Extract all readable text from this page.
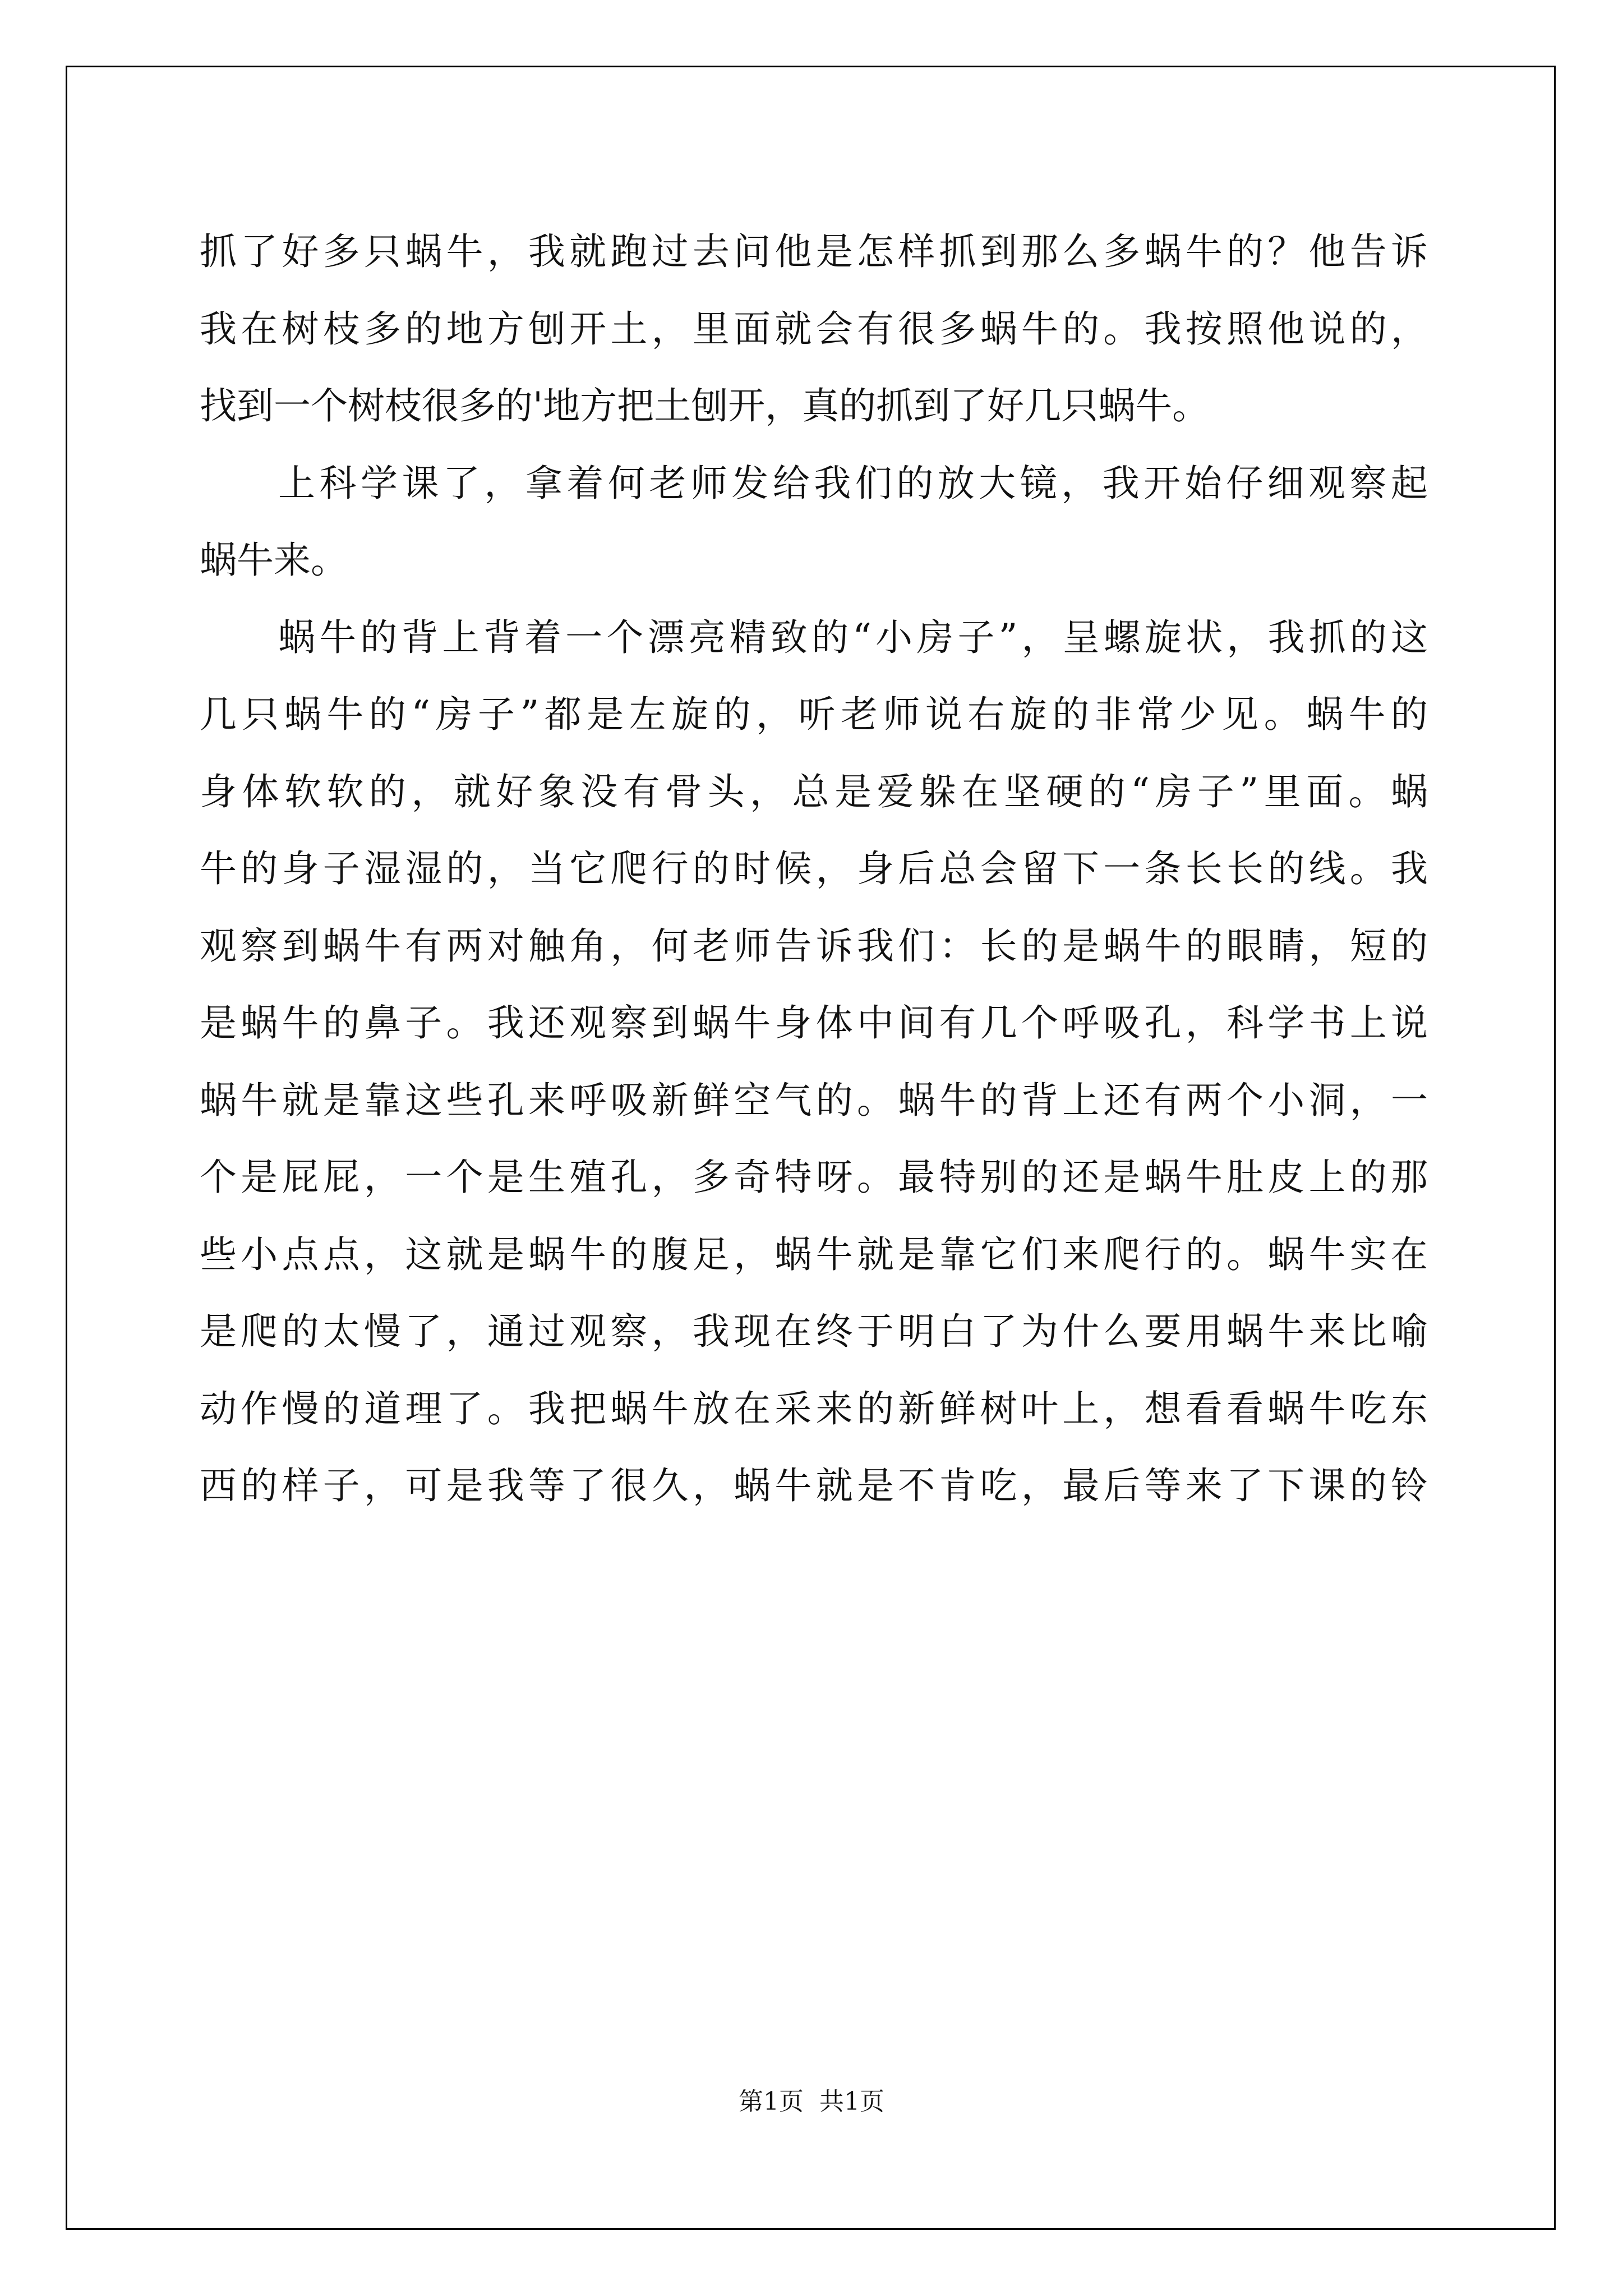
抓了好多只蜗牛，我就跑过去问他是怎样抓到那么多蜗牛的？他告诉
我在树枝多的地方刨开土，里面就会有很多蜗牛的。我按照他说的，
找到一个树枝很多的'地方把土刨开，真的抓到了好几只蜗牛。
上科学课了，拿着何老师发给我们的放大镜，我开始仔细观察起
蜗牛来。
蜗牛的背上背着一个漂亮精致的“小房子”，呈螺旋状，我抓的这
几只蜗牛的“房子”都是左旋的，听老师说右旋的非常少见。蜗牛的
身体软软的，就好象没有骨头，总是爱躲在坚硬的“房子”里面。蜗
牛的身子湿湿的，当它爬行的时候，身后总会留下一条长长的线。我
观察到蜗牛有两对触角，何老师告诉我们：长的是蜗牛的眼睛，短的
是蜗牛的鼻子。我还观察到蜗牛身体中间有几个呼吸孔，科学书上说
蜗牛就是靠这些孔来呼吸新鲜空气的。蜗牛的背上还有两个小洞，一
个是屁屁，一个是生殖孔，多奇特呀。最特别的还是蜗牛肚皮上的那
些小点点，这就是蜗牛的腹足，蜗牛就是靠它们来爬行的。蜗牛实在
是爬的太慢了，通过观察，我现在终于明白了为什么要用蜗牛来比喻
动作慢的道理了。我把蜗牛放在采来的新鲜树叶上，想看看蜗牛吃东
西的样子，可是我等了很久，蜗牛就是不肯吃，最后等来了下课的铃
第1页  共1页
